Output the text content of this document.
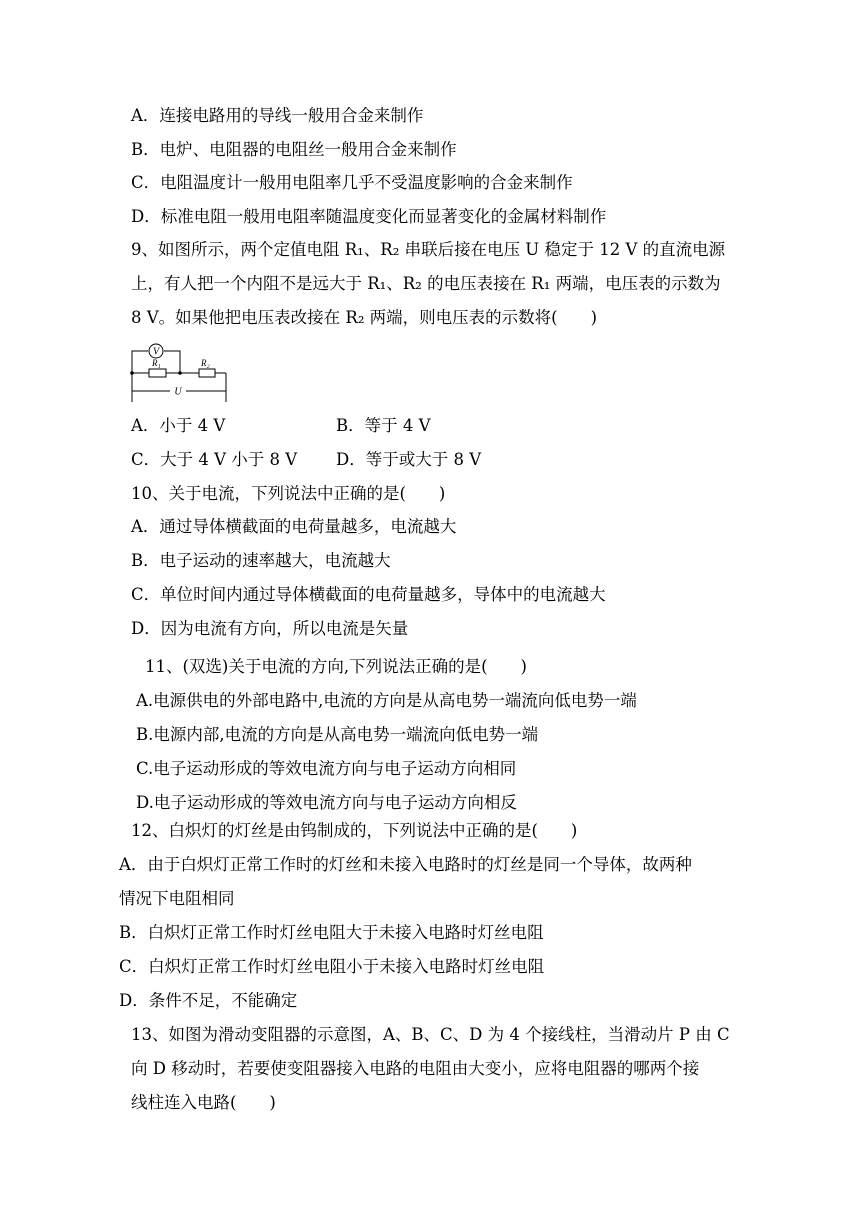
A．连接电路用的导线一般用合金来制作
B．电炉、电阻器的电阻丝一般用合金来制作
C．电阻温度计一般用电阻率几乎不受温度影响的合金来制作
D．标准电阻一般用电阻率随温度变化而显著变化的金属材料制作
9、如图所示，两个定值电阻 R₁、R₂ 串联后接在电压 U 稳定于 12 V 的直流电源
上，有人把一个内阻不是远大于 R₁、R₂ 的电压表接在 R₁ 两端，电压表的示数为
8 V。如果他把电压表改接在 R₂ 两端，则电压表的示数将(　　)
V
R₁	R₂
U
A．小于 4 V	B．等于 4 V
C．大于 4 V 小于 8 V D．等于或大于 8 V
10、关于电流，下列说法中正确的是(　　)
A．通过导体横截面的电荷量越多，电流越大
B．电子运动的速率越大，电流越大
C．单位时间内通过导体横截面的电荷量越多，导体中的电流越大
D．因为电流有方向，所以电流是矢量
11、(双选)关于电流的方向,下列说法正确的是(　　)
A.电源供电的外部电路中,电流的方向是从高电势一端流向低电势一端
B.电源内部,电流的方向是从高电势一端流向低电势一端
C.电子运动形成的等效电流方向与电子运动方向相同
D.电子运动形成的等效电流方向与电子运动方向相反
12、白炽灯的灯丝是由钨制成的，下列说法中正确的是(　　)
A．由于白炽灯正常工作时的灯丝和未接入电路时的灯丝是同一个导体，故两种
情况下电阻相同
B．白炽灯正常工作时灯丝电阻大于未接入电路时灯丝电阻
C．白炽灯正常工作时灯丝电阻小于未接入电路时灯丝电阻
D．条件不足，不能确定
13、如图为滑动变阻器的示意图，A、B、C、D 为 4 个接线柱，当滑动片 P 由 C
向 D 移动时，若要使变阻器接入电路的电阻由大变小，应将电阻器的哪两个接
线柱连入电路(　　)
